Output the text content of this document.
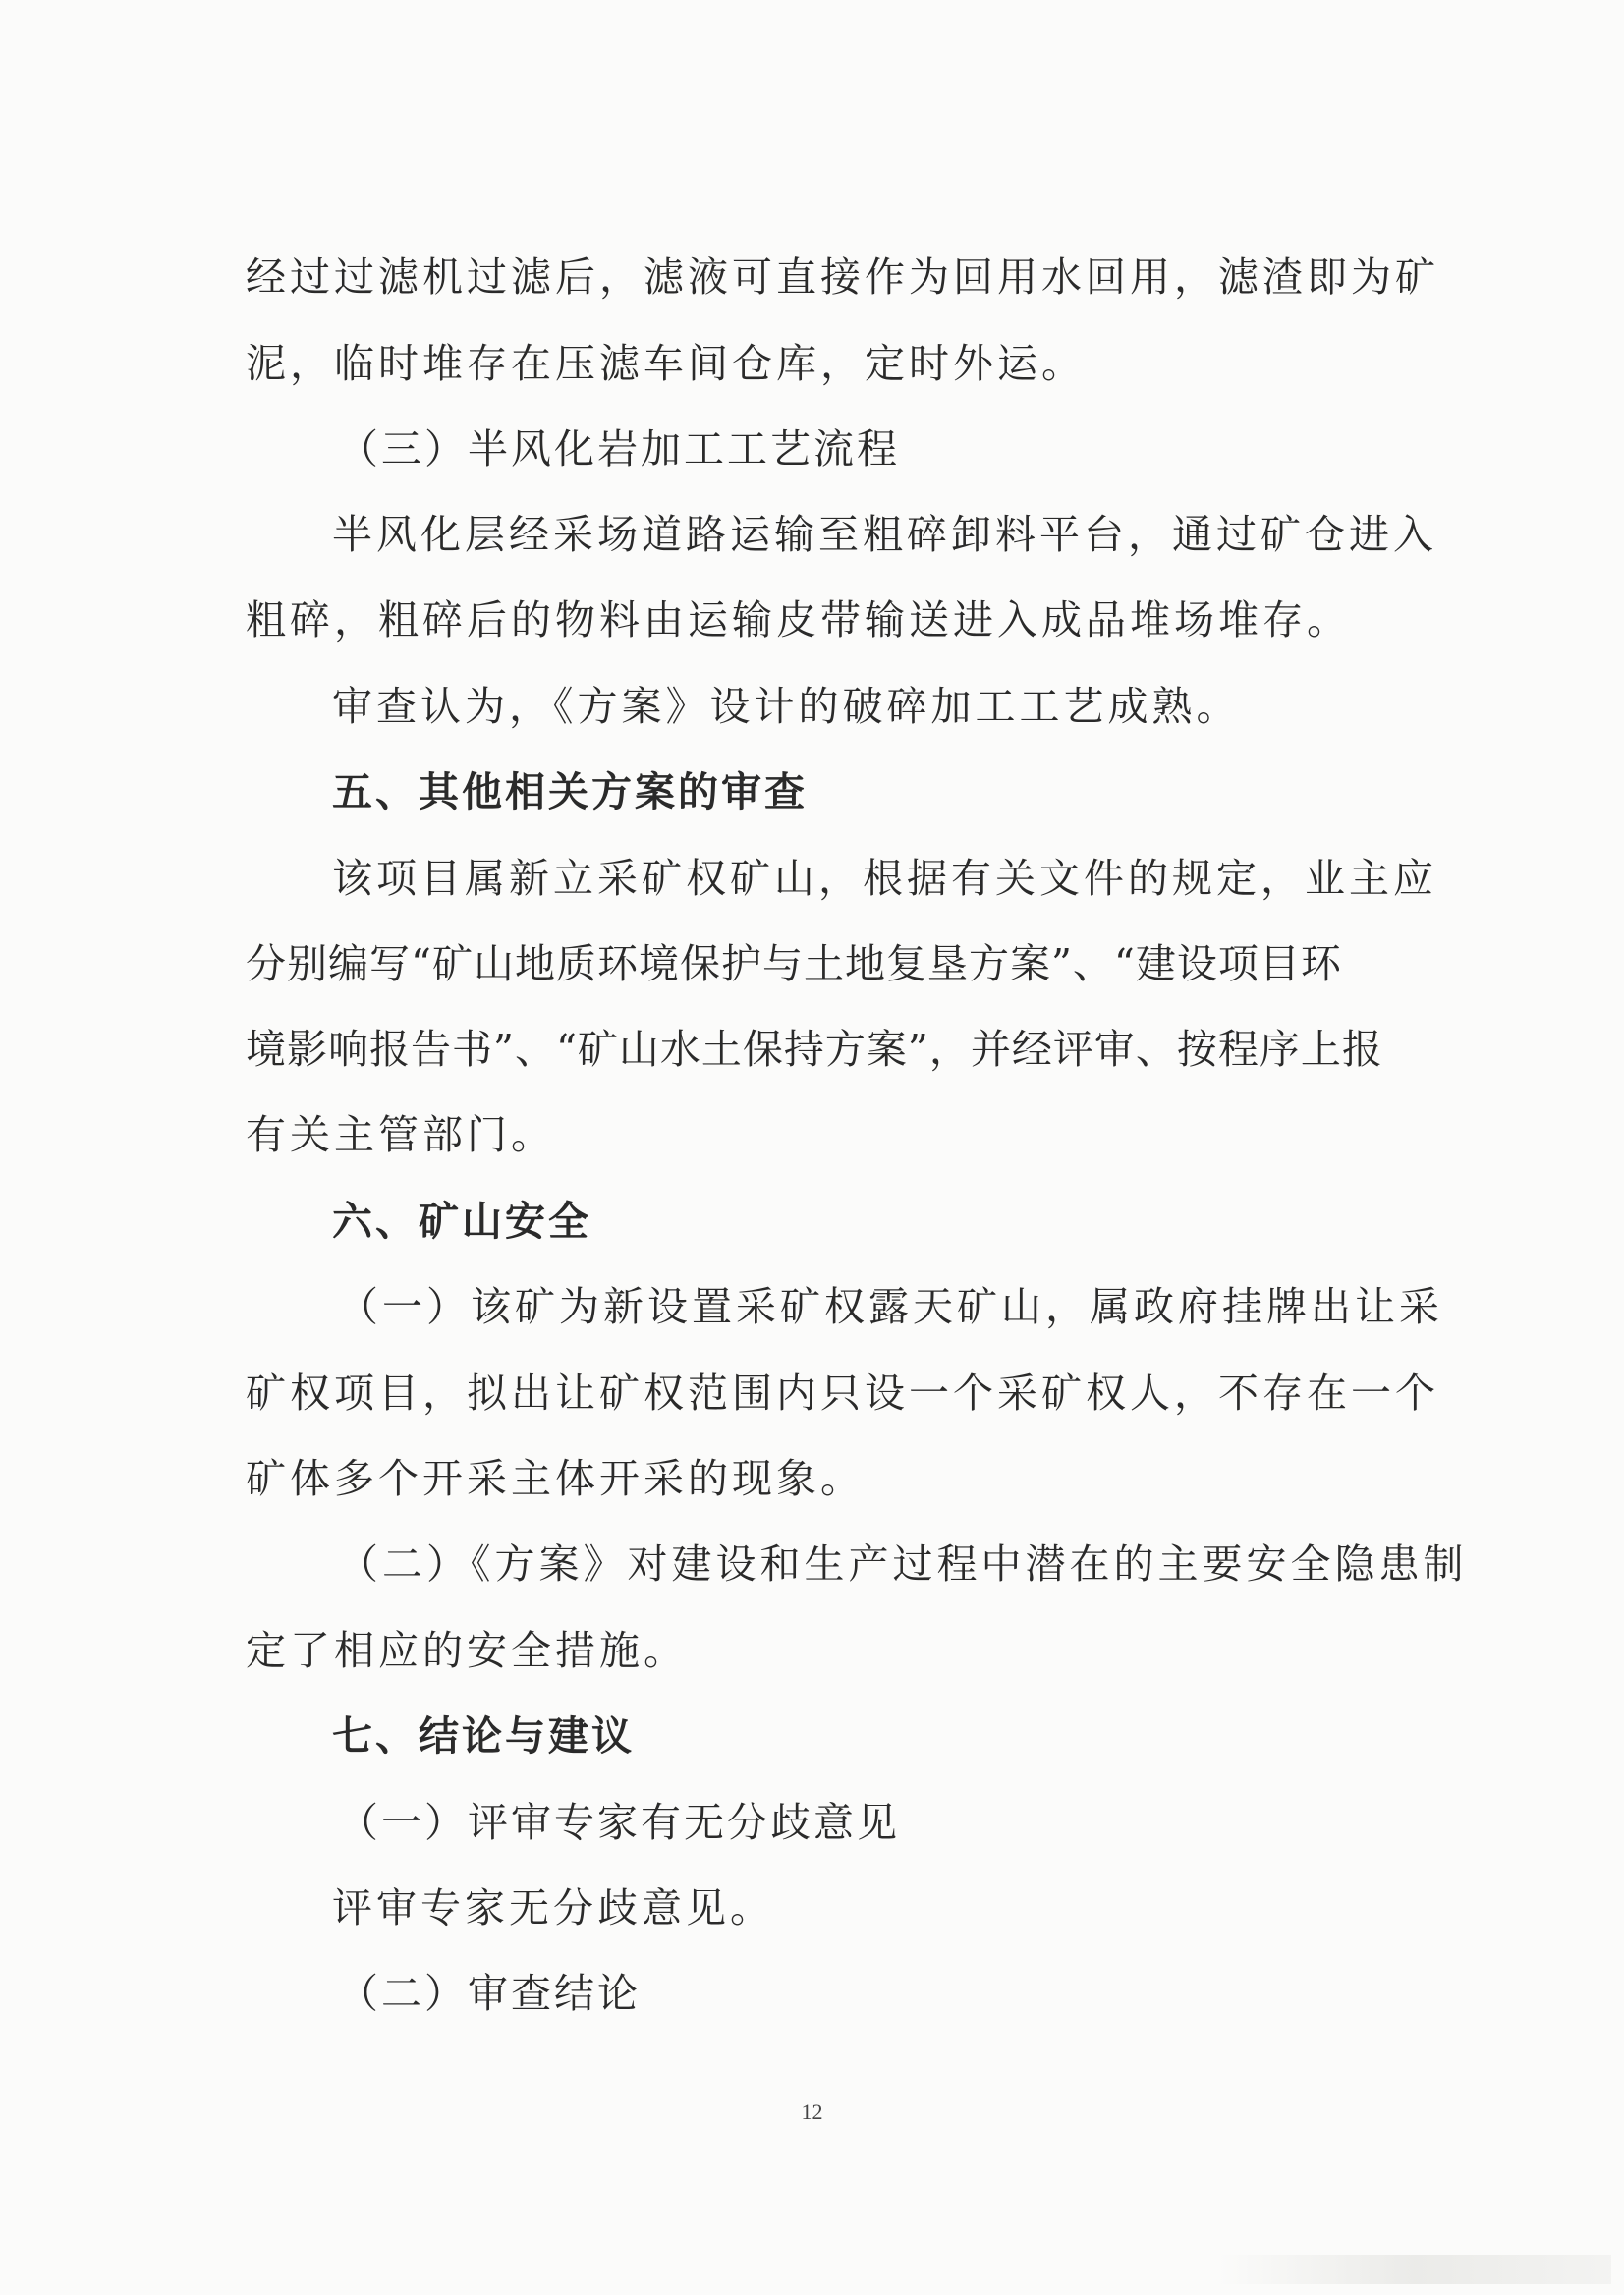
经过过滤机过滤后，滤液可直接作为回用水回用，滤渣即为矿
泥，临时堆存在压滤车间仓库，定时外运。
（三）半风化岩加工工艺流程
半风化层经采场道路运输至粗碎卸料平台，通过矿仓进入
粗碎，粗碎后的物料由运输皮带输送进入成品堆场堆存。
审查认为，《方案》设计的破碎加工工艺成熟。
五、其他相关方案的审查
该项目属新立采矿权矿山，根据有关文件的规定，业主应
分别编写“矿山地质环境保护与土地复垦方案”、“建设项目环
境影响报告书”、“矿山水土保持方案”，并经评审、按程序上报
有关主管部门。
六、矿山安全
（一）该矿为新设置采矿权露天矿山，属政府挂牌出让采
矿权项目，拟出让矿权范围内只设一个采矿权人，不存在一个
矿体多个开采主体开采的现象。
（二）《方案》对建设和生产过程中潜在的主要安全隐患制
定了相应的安全措施。
七、结论与建议
（一）评审专家有无分歧意见
评审专家无分歧意见。
（二）审查结论
12
